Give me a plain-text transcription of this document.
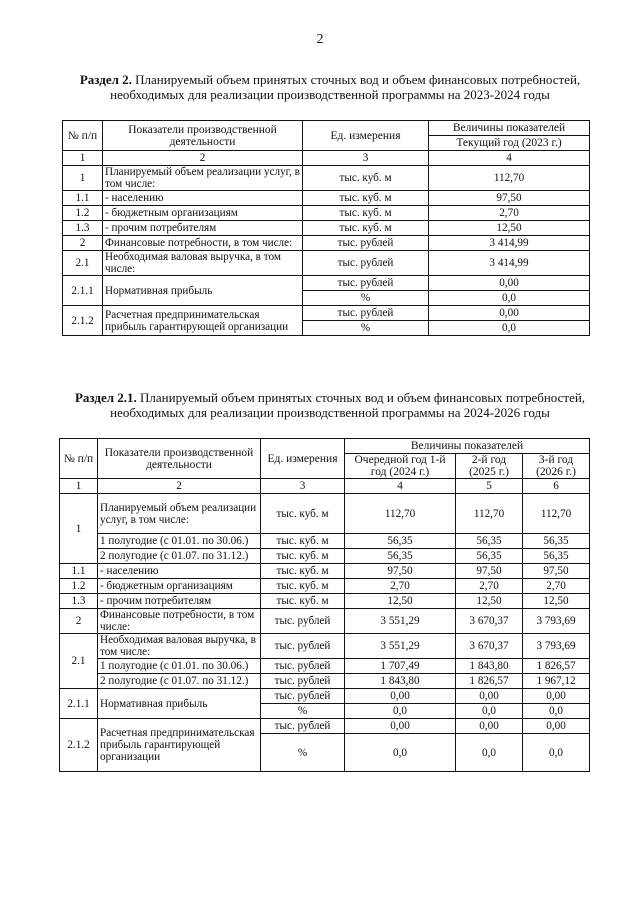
2
Раздел 2. Планируемый объем принятых сточных вод и объем финансовых потребностей, необходимых для реализации производственной программы на 2023-2024 годы
№ п/п	Показатели производственной деятельности	Ед. измерения	Величины показателей
			Текущий год (2023 г.)
1	2	3	4
1	Планируемый объем реализации услуг, в том числе:	тыс. куб. м	112,70
1.1	- населению	тыс. куб. м	97,50
1.2	- бюджетным организациям	тыс. куб. м	2,70
1.3	- прочим потребителям	тыс. куб. м	12,50
2	Финансовые потребности, в том числе:	тыс. рублей	3 414,99
2.1	Необходимая валовая выручка, в том числе:	тыс. рублей	3 414,99
2.1.1	Нормативная прибыль	тыс. рублей	0,00
		%	0,0
2.1.2	Расчетная предпринимательская прибыль гарантирующей организации	тыс. рублей	0,00
		%	0,0
Раздел 2.1. Планируемый объем принятых сточных вод и объем финансовых потребностей, необходимых для реализации производственной программы на 2024-2026 годы
№ п/п	Показатели производственной деятельности	Ед. измерения	Величины показателей		
			Очередной год 1-й год (2024 г.)	2-й год (2025 г.)	3-й год (2026 г.)
1	2	3	4	5	6
1	Планируемый объем реализации услуг, в том числе:	тыс. куб. м	112,70	112,70	112,70
	1 полугодие (с 01.01. по 30.06.)	тыс. куб. м	56,35	56,35	56,35
	2 полугодие (с 01.07. по 31.12.)	тыс. куб. м	56,35	56,35	56,35
1.1	- населению	тыс. куб. м	97,50	97,50	97,50
1.2	- бюджетным организациям	тыс. куб. м	2,70	2,70	2,70
1.3	- прочим потребителям	тыс. куб. м	12,50	12,50	12,50
2	Финансовые потребности, в том числе:	тыс. рублей	3 551,29	3 670,37	3 793,69
2.1	Необходимая валовая выручка, в том числе:	тыс. рублей	3 551,29	3 670,37	3 793,69
	1 полугодие (с 01.01. по 30.06.)	тыс. рублей	1 707,49	1 843,80	1 826,57
	2 полугодие (с 01.07. по 31.12.)	тыс. рублей	1 843,80	1 826,57	1 967,12
2.1.1	Нормативная прибыль	тыс. рублей	0,00	0,00	0,00
		%	0,0	0,0	0,0
2.1.2	Расчетная предпринимательская прибыль гарантирующей организации	тыс. рублей	0,00	0,00	0,00
		%	0,0	0,0	0,0
